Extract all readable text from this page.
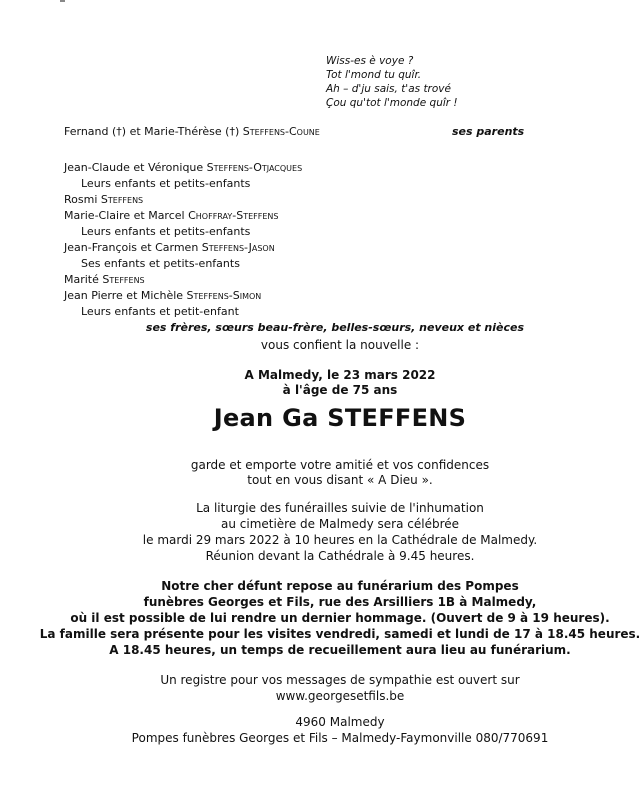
Wiss-es è voye ?
Tot l'mond tu quîr.
Ah – d'ju sais, t'as trové
Çou qu'tot l'monde quîr !
Fernand (†) et Marie-Thérèse (†) Steffens-Coune	ses parents
Jean-Claude et Véronique Steffens-Otjacques
Leurs enfants et petits-enfants
Rosmi Steffens
Marie-Claire et Marcel Choffray-Steffens
Leurs enfants et petits-enfants
Jean-François et Carmen Steffens-Jason
Ses enfants et petits-enfants
Marité Steffens
Jean Pierre et Michèle Steffens-Simon
Leurs enfants et petit-enfant
ses frères, sœurs beau-frère, belles-sœurs, neveux et nièces
vous confient la nouvelle :
A Malmedy, le 23 mars 2022
à l'âge de 75 ans
Jean Ga STEFFENS
garde et emporte votre amitié et vos confidences
tout en vous disant « A Dieu ».
La liturgie des funérailles suivie de l'inhumation
au cimetière de Malmedy sera célébrée
le mardi 29 mars 2022 à 10 heures en la Cathédrale de Malmedy.
Réunion devant la Cathédrale à 9.45 heures.
Notre cher défunt repose au funérarium des Pompes
funèbres Georges et Fils, rue des Arsilliers 1B à Malmedy,
où il est possible de lui rendre un dernier hommage. (Ouvert de 9 à 19 heures).
La famille sera présente pour les visites vendredi, samedi et lundi de 17 à 18.45 heures.
A 18.45 heures, un temps de recueillement aura lieu au funérarium.
Un registre pour vos messages de sympathie est ouvert sur
www.georgesetfils.be
4960 Malmedy
Pompes funèbres Georges et Fils – Malmedy-Faymonville 080/770691
